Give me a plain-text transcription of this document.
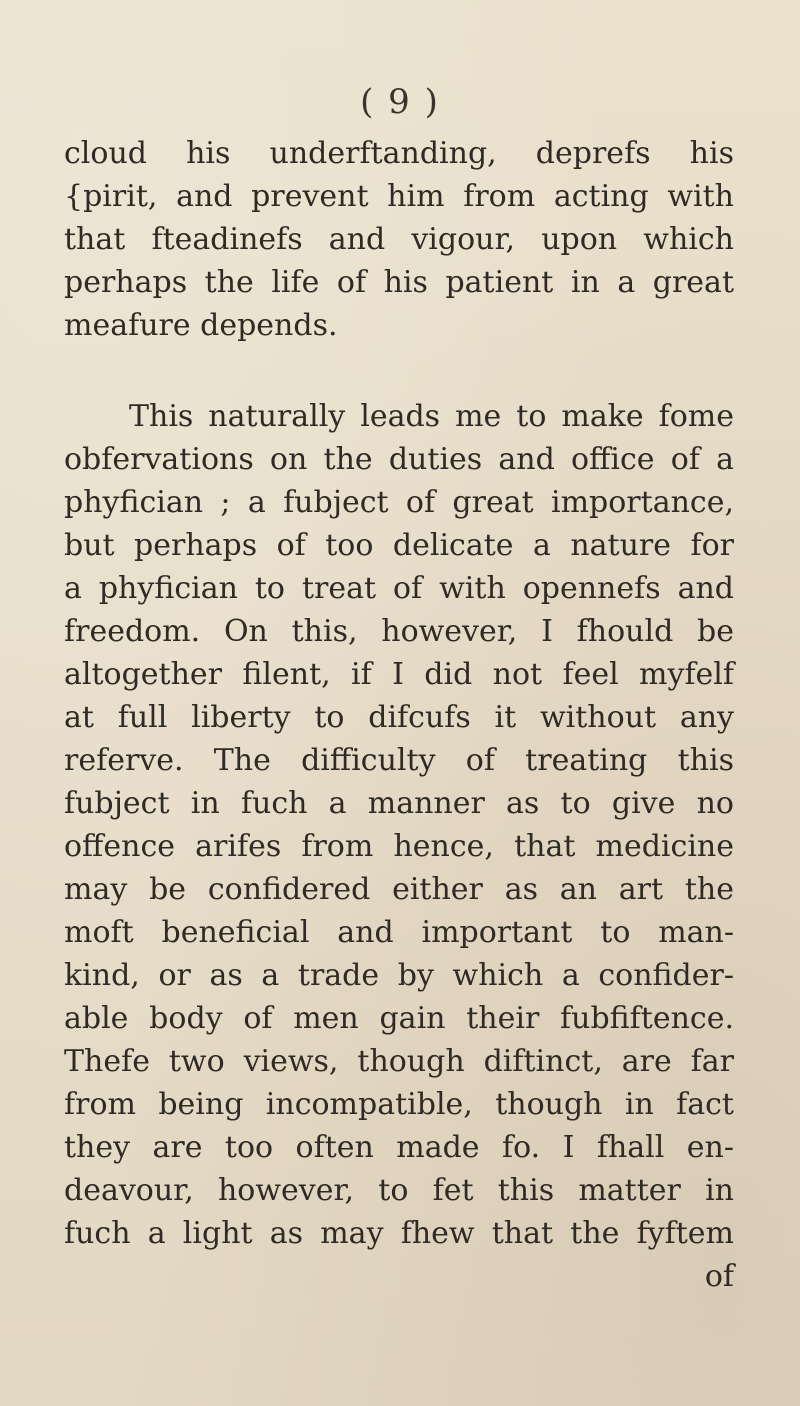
( 9 )
cloud his underftanding, deprefs his
{pirit, and prevent him from acting with
that fteadinefs and vigour, upon which
perhaps the life of his patient in a great
meafure depends.
This naturally leads me to make fome
obfervations on the duties and office of a
phyfician ; a fubject of great importance,
but perhaps of too delicate a nature for
a phyfician to treat of with opennefs and
freedom. On this, however, I fhould be
altogether filent, if I did not feel myfelf
at full liberty to difcufs it without any
referve. The difficulty of treating this
fubject in fuch a manner as to give no
offence arifes from hence, that medicine
may be confidered either as an art the
moft beneficial and important to man-
kind, or as a trade by which a confider-
able body of men gain their fubfiftence.
Thefe two views, though diftinct, are far
from being incompatible, though in fact
they are too often made fo. I fhall en-
deavour, however, to fet this matter in
fuch a light as may fhew that the fyftem
of
